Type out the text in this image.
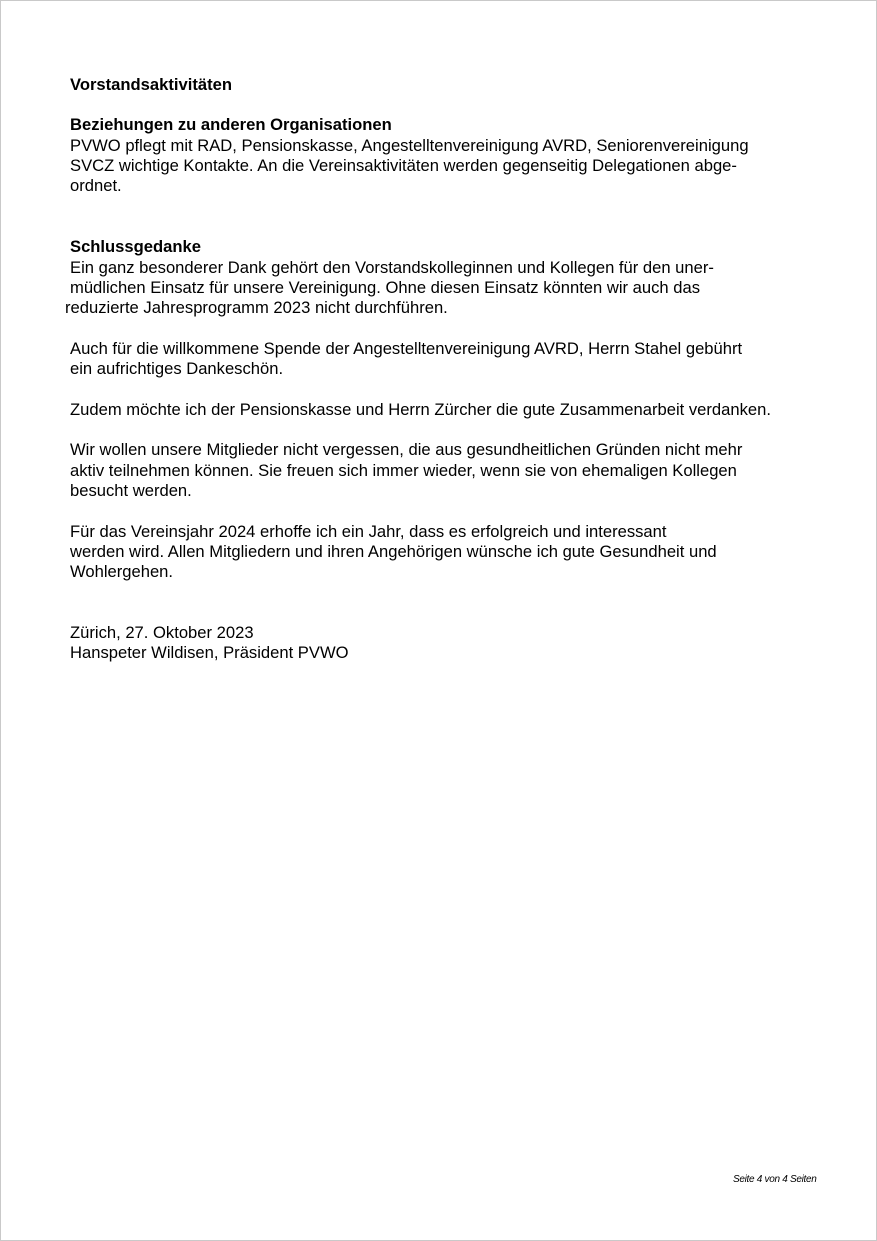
Vorstandsaktivitäten
Beziehungen zu anderen Organisationen
PVWO pflegt mit RAD, Pensionskasse, Angestelltenvereinigung AVRD, Seniorenvereinigung
SVCZ wichtige Kontakte. An die Vereinsaktivitäten werden gegenseitig Delegationen abge-
ordnet.
Schlussgedanke
Ein ganz besonderer Dank gehört den Vorstandskolleginnen und Kollegen für den uner-
müdlichen Einsatz für unsere Vereinigung. Ohne diesen Einsatz könnten wir auch das
reduzierte Jahresprogramm 2023 nicht durchführen.
Auch für die willkommene Spende der Angestelltenvereinigung AVRD, Herrn Stahel gebührt
ein aufrichtiges Dankeschön.
Zudem möchte ich der Pensionskasse und Herrn Zürcher die gute Zusammenarbeit verdanken.
Wir wollen unsere Mitglieder nicht vergessen, die aus gesundheitlichen Gründen nicht mehr
aktiv teilnehmen können. Sie freuen sich immer wieder, wenn sie von ehemaligen Kollegen
besucht werden.
Für das Vereinsjahr 2024 erhoffe ich ein Jahr, dass es erfolgreich und interessant
werden wird. Allen Mitgliedern und ihren Angehörigen wünsche ich gute Gesundheit und
Wohlergehen.
Zürich, 27. Oktober 2023
Hanspeter Wildisen, Präsident PVWO
Seite 4 von 4 Seiten
